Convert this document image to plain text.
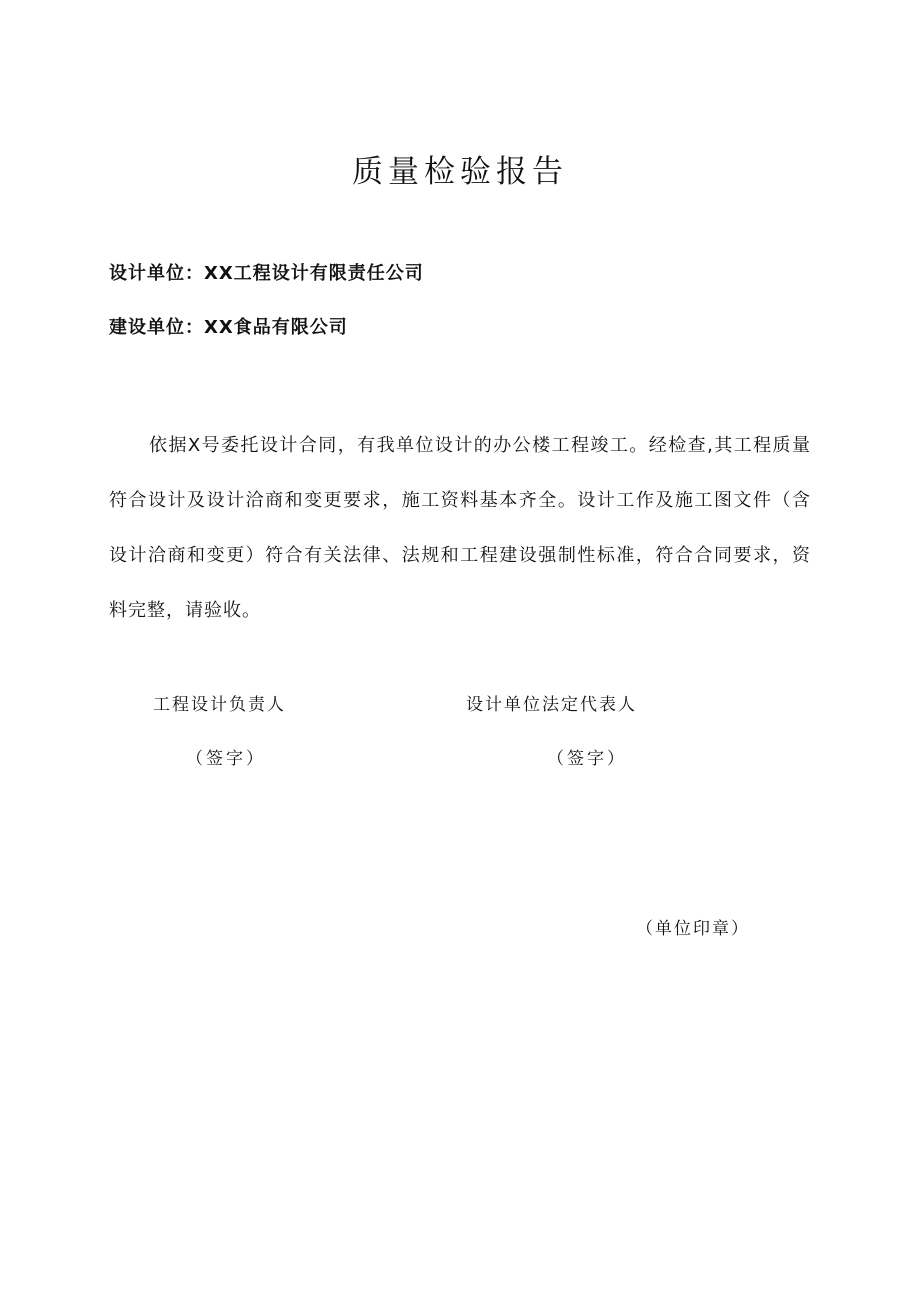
质量检验报告
设计单位：XX工程设计有限责任公司
建设单位：XX食品有限公司

依据X号委托设计合同，有我单位设计的办公楼工程竣工。经检查,其工程质量符合设计及设计洽商和变更要求，施工资料基本齐全。设计工作及施工图文件（含设计洽商和变更）符合有关法律、法规和工程建设强制性标准，符合合同要求，资料完整，请验收。

工程设计负责人	设计单位法定代表人
（签字）	（签字）
（单位印章）
